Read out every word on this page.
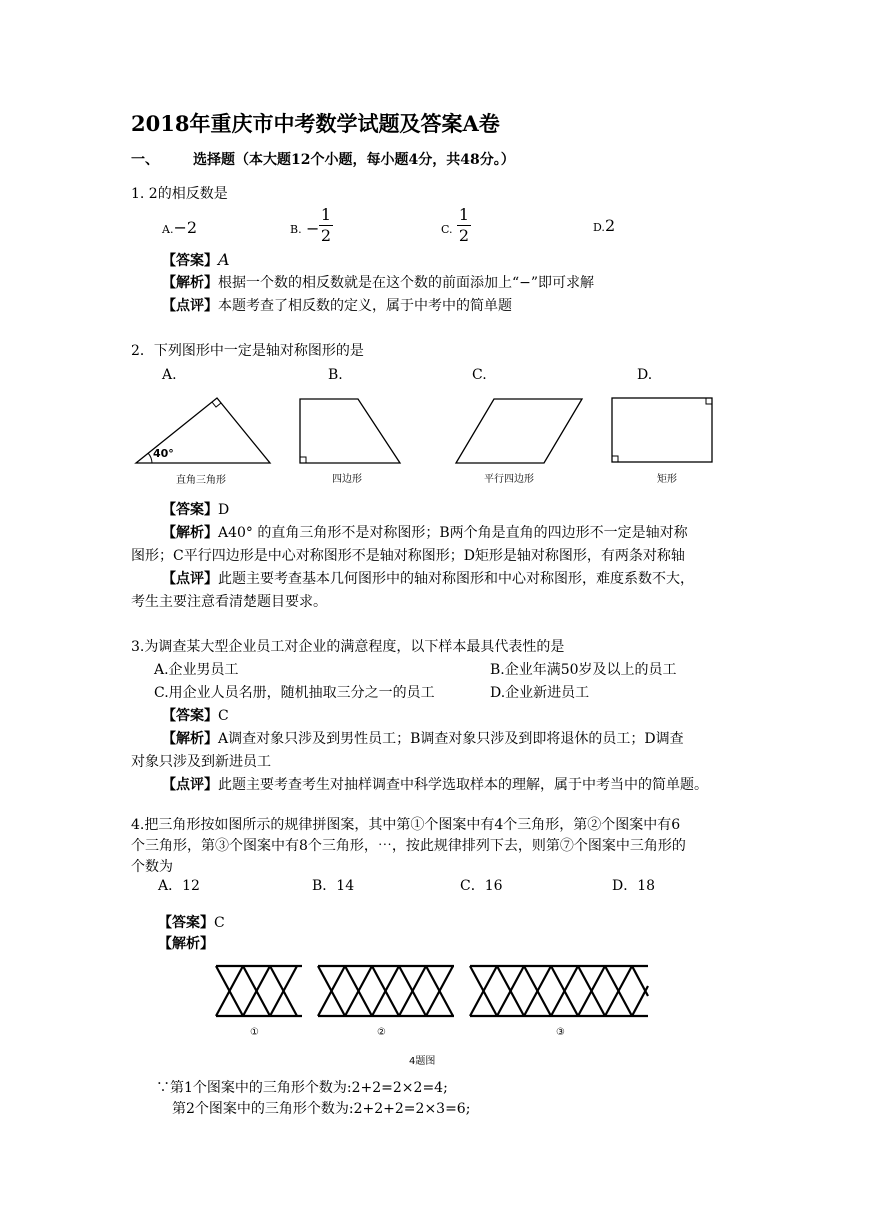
2018年重庆市中考数学试题及答案A卷
一、 选择题（本大题12个小题，每小题4分，共48分。）
1. 2的相反数是
A.−2	B. −
1
2	C.
1
2	D.2
【答案】A
【解析】根据一个数的相反数就是在这个数的前面添加上“−”即可求解
【点评】本题考查了相反数的定义，属于中考中的简单题
2．下列图形中一定是轴对称图形的是
A.	B.	C.	D.
40°
直角三角形	四边形	平行四边形	矩形
【答案】D
【解析】A40° 的直角三角形不是对称图形；B两个角是直角的四边形不一定是轴对称
图形；C平行四边形是中心对称图形不是轴对称图形；D矩形是轴对称图形，有两条对称轴
【点评】此题主要考查基本几何图形中的轴对称图形和中心对称图形，难度系数不大，
考生主要注意看清楚题目要求。
3.为调查某大型企业员工对企业的满意程度，以下样本最具代表性的是
A.企业男员工	B.企业年满50岁及以上的员工
C.用企业人员名册，随机抽取三分之一的员工	D.企业新进员工
【答案】C
【解析】A调查对象只涉及到男性员工；B调查对象只涉及到即将退休的员工；D调查
对象只涉及到新进员工
【点评】此题主要考查考生对抽样调查中科学选取样本的理解，属于中考当中的简单题。
4.把三角形按如图所示的规律拼图案，其中第①个图案中有4个三角形，第②个图案中有6
个三角形，第③个图案中有8个三角形，⋯，按此规律排列下去，则第⑦个图案中三角形的
个数为
A．12	B．14	C．16	D．18
【答案】C
【解析】
①	②	③
4题图
∵第1个图案中的三角形个数为:2+2=2×2=4;
第2个图案中的三角形个数为:2+2+2=2×3=6;
